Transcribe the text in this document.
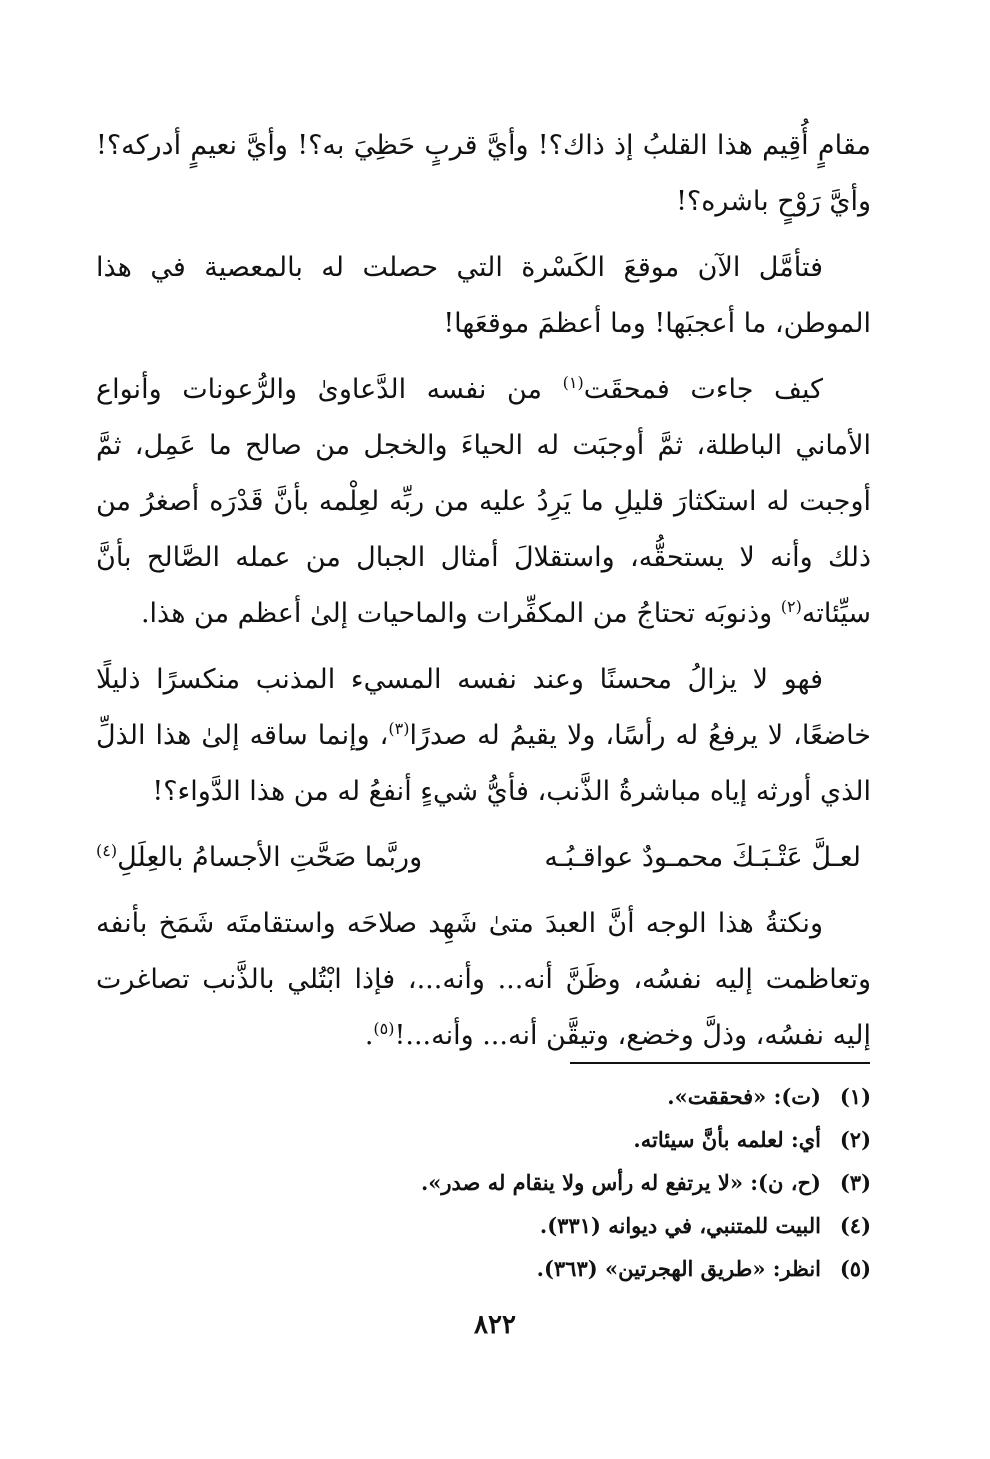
مقامٍ أُقِيم هذا القلبُ إذ ذاك؟! وأيَّ قربٍ حَظِيَ به؟! وأيَّ نعيمٍ أدركه؟! وأيَّ رَوْحٍ باشره؟!

فتأمَّل الآن موقعَ الكَسْرة التي حصلت له بالمعصية في هذا الموطن، ما أعجبَها! وما أعظمَ موقعَها!

كيف جاءت فمحقَت$^{(١)}$ من نفسه الدَّعاوىٰ والرُّعونات وأنواع الأماني الباطلة، ثمَّ أوجبَت له الحياءَ والخجل من صالح ما عَمِل، ثمَّ أوجبت له استكثارَ قليلِ ما يَرِدُ عليه من ربِّه لعِلْمه بأنَّ قَدْرَه أصغرُ من ذلك وأنه لا يستحقُّه، واستقلالَ أمثال الجبال من عمله الصَّالح بأنَّ سيِّئاته$^{(٢)}$ وذنوبَه تحتاجُ من المكفِّرات والماحيات إلىٰ أعظم من هذا.

فهو لا يزالُ محسنًا وعند نفسه المسيء المذنب منكسرًا ذليلًا خاضعًا، لا يرفعُ له رأسًا، ولا يقيمُ له صدرًا$^{(٣)}$، وإنما ساقه إلىٰ هذا الذلِّ الذي أورثه إياه مباشرةُ الذَّنب، فأيُّ شيءٍ أنفعُ له من هذا الدَّواء؟!

لعـلَّ عَتْـبَـكَ محمـودٌ عواقـبُـه
وربَّما صَحَّتِ الأجسامُ بالعِلَلِ$^{(٤)}$

ونكتةُ هذا الوجه أنَّ العبدَ متىٰ شَهِد صلاحَه واستقامتَه شَمَخ بأنفه وتعاظمت إليه نفسُه، وظَنَّ أنه... وأنه...، فإذا ابْتُلي بالذَّنب تصاغرت إليه نفسُه، وذلَّ وخضع، وتيقَّن أنه... وأنه...!$^{(٥)}$.

(١)
(ت): «فحققت».
(٢)
أي: لعلمه بأنَّ سيئاته.
(٣)
(ح، ن): «لا يرتفع له رأس ولا ينقام له صدر».
(٤)
البيت للمتنبي، في ديوانه (٣٣١).
(٥)
انظر: «طريق الهجرتين» (٣٦٣).
٨٢٢
